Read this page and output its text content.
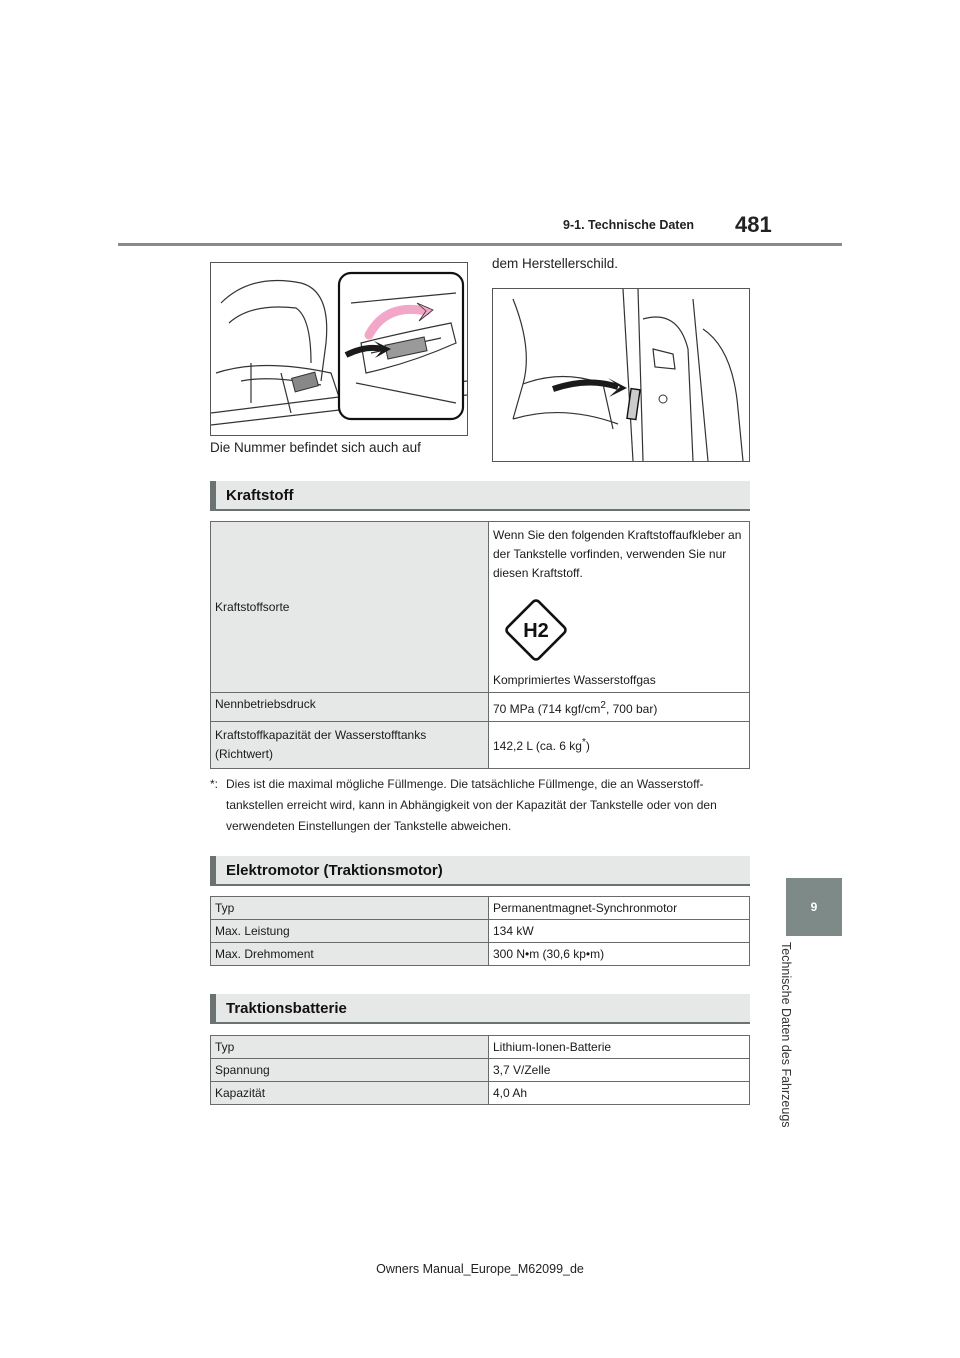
9-1. Technische Daten 481
9
Technische Daten des Fahrzeugs
Die Nummer befindet sich auch auf
dem Herstellerschild.
Kraftstoff
Kraftstoffsorte	Wenn Sie den folgenden Kraftstoffaufkleber an der Tankstelle vorfinden, verwenden Sie nur diesen Kraftstoff.
H2
Komprimiertes Wasserstoffgas

Nennbetriebsdruck	70 MPa (714 kgf/$cm^2$, 700 bar)

Kraftstoffkapazität der Wasserstofftanks
(Richtwert)	142,2 L (ca. 6 kg*)
*: Dies ist die maximal mögliche Füllmenge. Die tatsächliche Füllmenge, die an Wasserstoff-tankstellen erreicht wird, kann in Abhängigkeit von der Kapazität der Tankstelle oder von den verwendeten Einstellungen der Tankstelle abweichen.
Elektromotor (Traktionsmotor)
Typ	Permanentmagnet-Synchronmotor
Max. Leistung	134 kW
Max. Drehmoment	300 N•m (30,6 kp•m)
Traktionsbatterie
Typ	Lithium-Ionen-Batterie
Spannung	3,7 V/Zelle
Kapazität	4,0 Ah
Owners Manual_Europe_M62099_de
